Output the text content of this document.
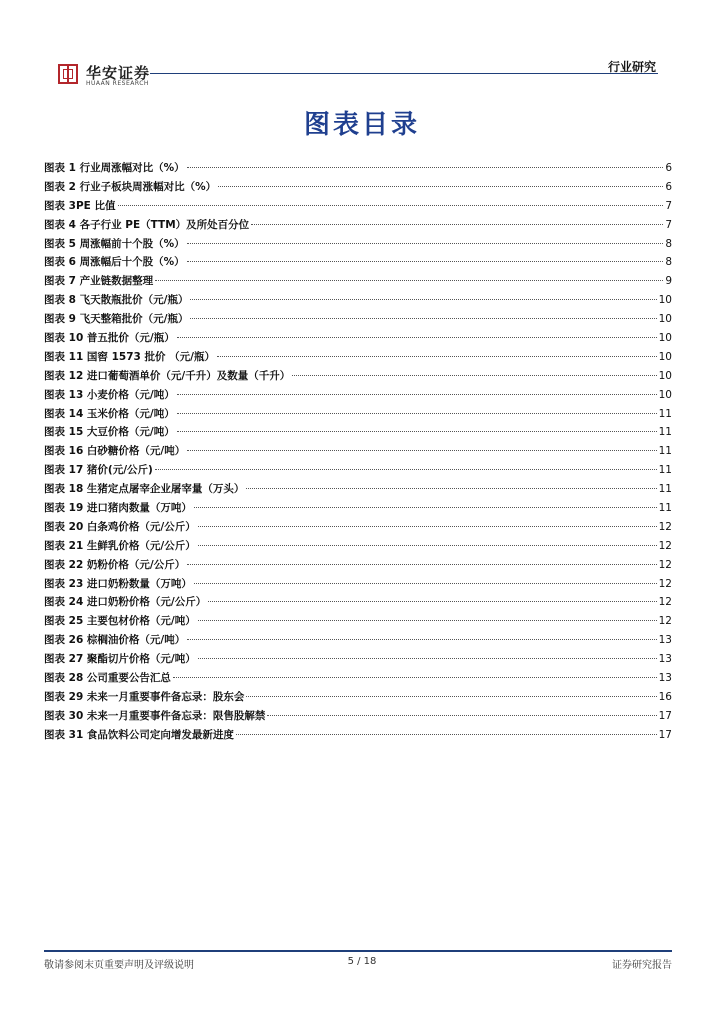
华安证券
HUAAN RESEARCH
行业研究
图表目录
图表 1 行业周涨幅对比（%）	6
图表 2 行业子板块周涨幅对比（%）	6
图表 3PE 比值	7
图表 4 各子行业 PE（TTM）及所处百分位	7
图表 5 周涨幅前十个股（%）	8
图表 6 周涨幅后十个股（%）	8
图表 7 产业链数据整理	9
图表 8 飞天散瓶批价（元/瓶）	10
图表 9 飞天整箱批价（元/瓶）	10
图表 10 普五批价（元/瓶）	10
图表 11 国窖 1573 批价 （元/瓶）	10
图表 12 进口葡萄酒单价（元/千升）及数量（千升）	10
图表 13 小麦价格（元/吨）	10
图表 14 玉米价格（元/吨）	11
图表 15 大豆价格（元/吨）	11
图表 16 白砂糖价格（元/吨）	11
图表 17 猪价(元/公斤)	11
图表 18 生猪定点屠宰企业屠宰量（万头）	11
图表 19 进口猪肉数量（万吨）	11
图表 20 白条鸡价格（元/公斤）	12
图表 21 生鲜乳价格（元/公斤）	12
图表 22 奶粉价格（元/公斤）	12
图表 23 进口奶粉数量（万吨）	12
图表 24 进口奶粉价格（元/公斤）	12
图表 25 主要包材价格（元/吨）	12
图表 26 棕榈油价格（元/吨）	13
图表 27 聚酯切片价格（元/吨）	13
图表 28 公司重要公告汇总	13
图表 29 未来一月重要事件备忘录：股东会	16
图表 30 未来一月重要事件备忘录：限售股解禁	17
图表 31 食品饮料公司定向增发最新进度	17
敬请参阅末页重要声明及评级说明	5 / 18	证券研究报告
